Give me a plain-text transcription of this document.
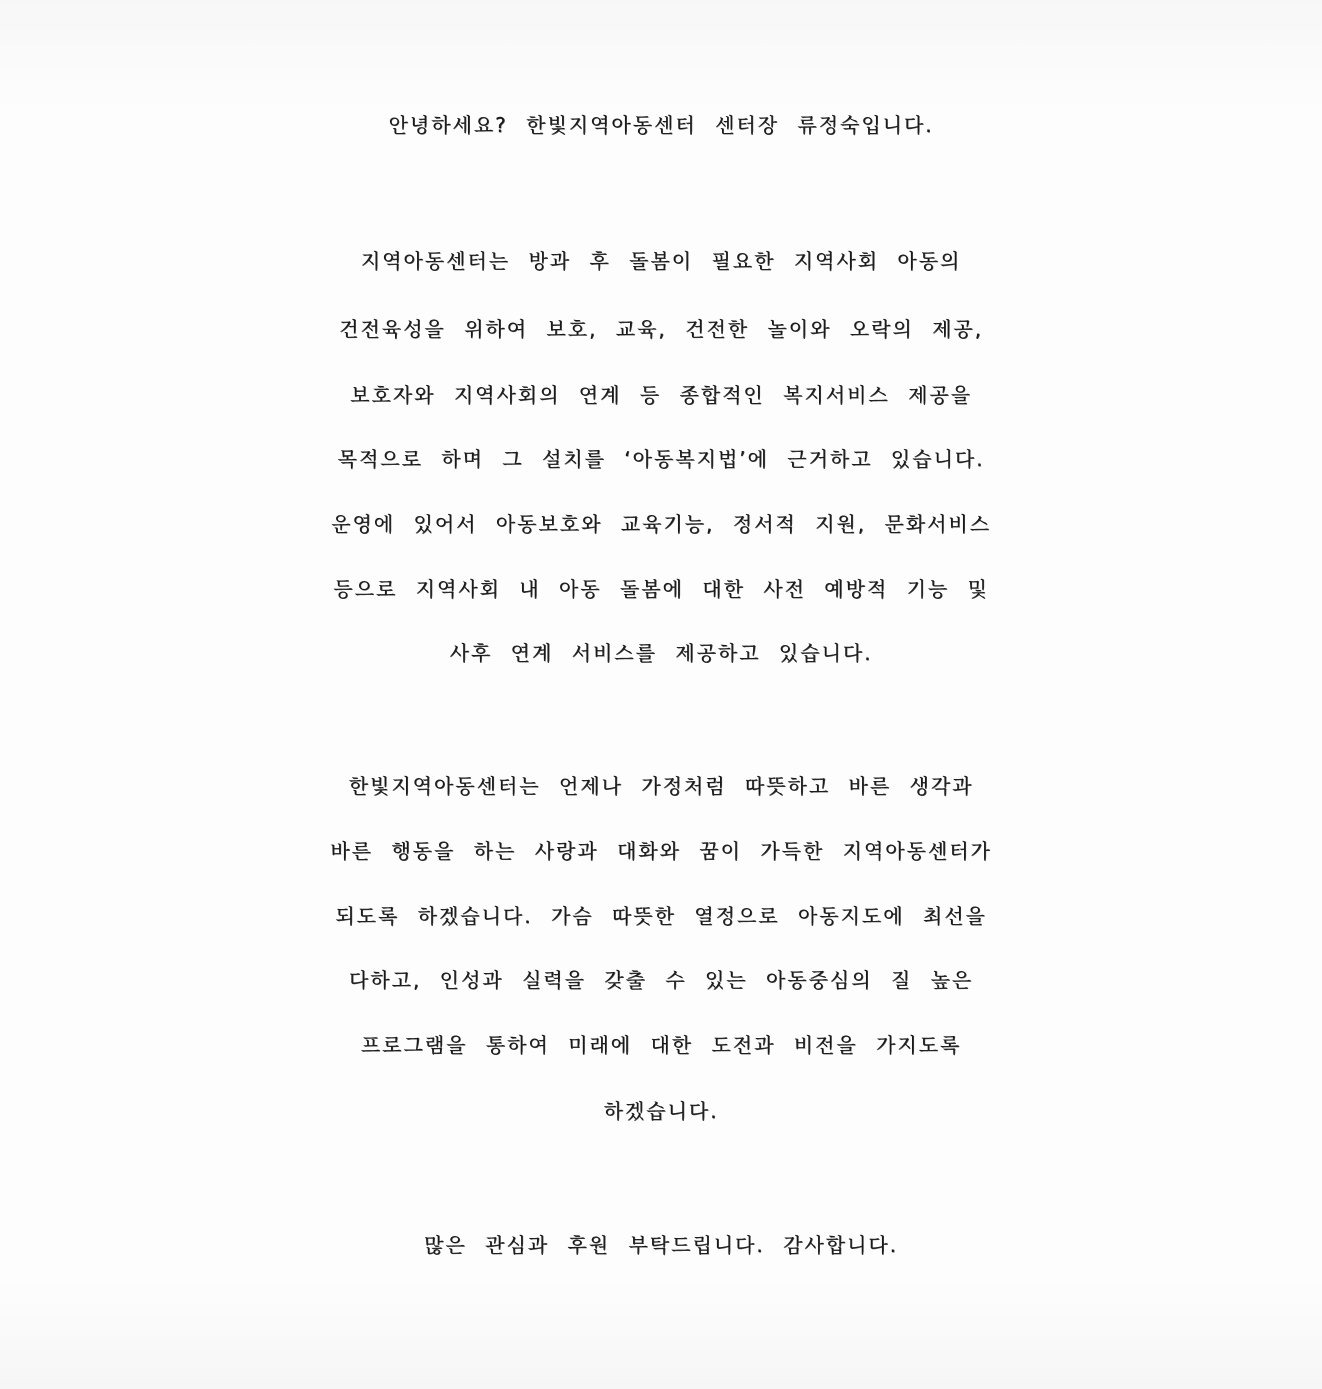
안녕하세요? 한빛지역아동센터 센터장 류정숙입니다.
지역아동센터는 방과 후 돌봄이 필요한 지역사회 아동의
건전육성을 위하여 보호, 교육, 건전한 놀이와 오락의 제공,
보호자와 지역사회의 연계 등 종합적인 복지서비스 제공을
목적으로 하며 그 설치를 ‘아동복지법’에 근거하고 있습니다.
운영에 있어서 아동보호와 교육기능, 정서적 지원, 문화서비스
등으로 지역사회 내 아동 돌봄에 대한 사전 예방적 기능 및
사후 연계 서비스를 제공하고 있습니다.
한빛지역아동센터는 언제나 가정처럼 따뜻하고 바른 생각과
바른 행동을 하는 사랑과 대화와 꿈이 가득한 지역아동센터가
되도록 하겠습니다. 가슴 따뜻한 열정으로 아동지도에 최선을
다하고, 인성과 실력을 갖출 수 있는 아동중심의 질 높은
프로그램을 통하여 미래에 대한 도전과 비전을 가지도록
하겠습니다.
많은 관심과 후원 부탁드립니다. 감사합니다.
